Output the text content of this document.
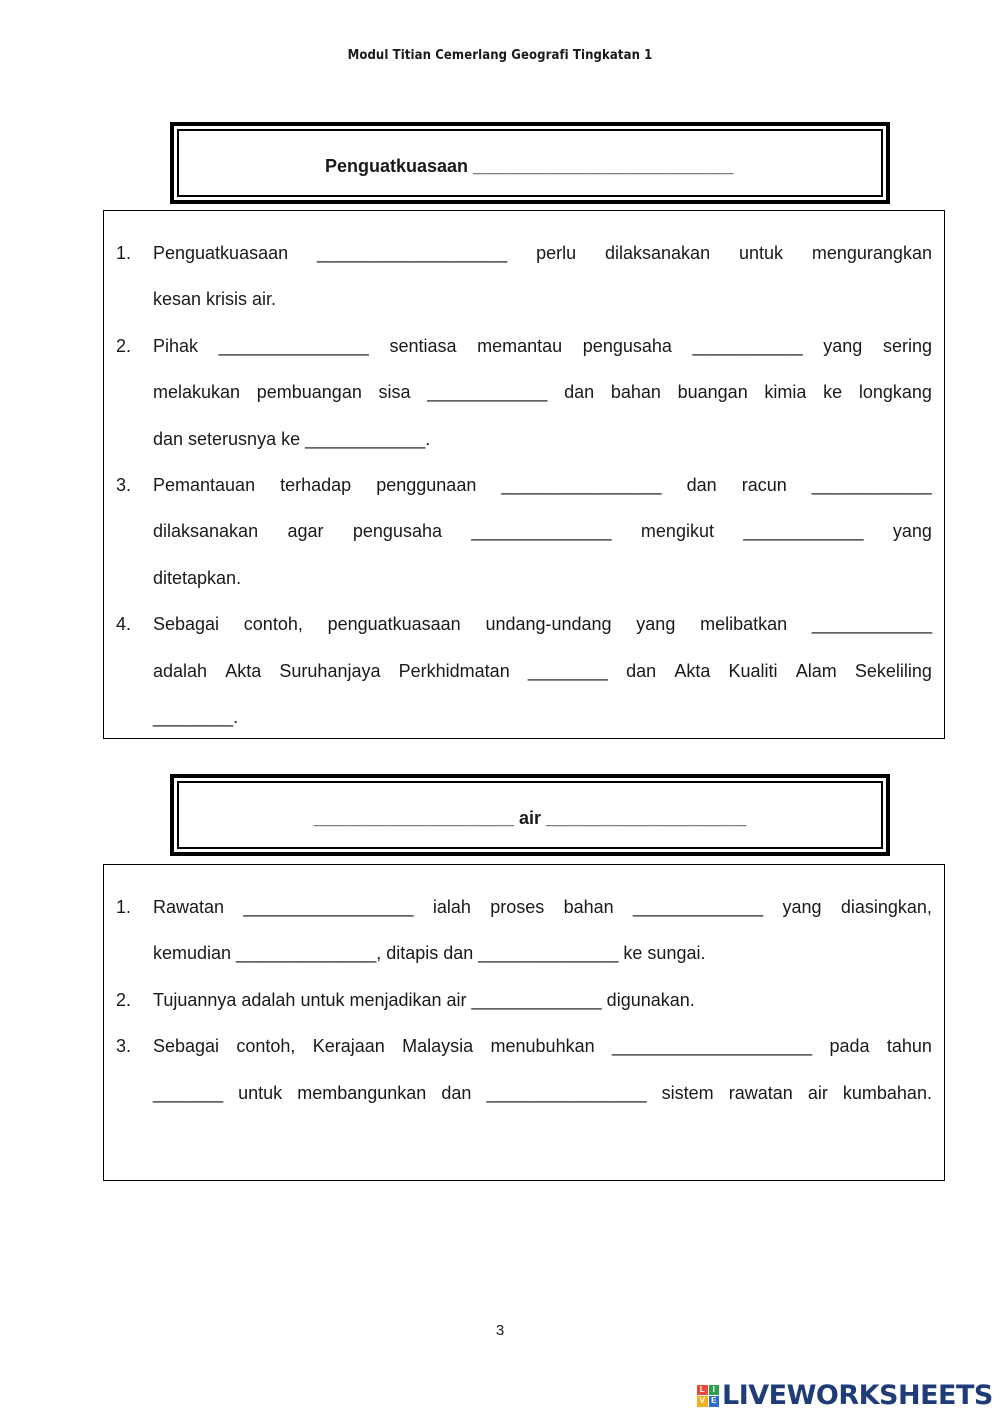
Modul Titian Cemerlang Geografi Tingkatan 1
Penguatkuasaan __________________________
1. Penguatkuasaan ___________________ perlu dilaksanakan untuk mengurangkan
kesan krisis air.
2. Pihak _______________ sentiasa memantau pengusaha ___________ yang sering
melakukan pembuangan sisa ____________ dan bahan buangan kimia ke longkang
dan seterusnya ke ____________.
3. Pemantauan terhadap penggunaan ________________ dan racun ____________
dilaksanakan agar pengusaha ______________ mengikut ____________ yang
ditetapkan.
4. Sebagai contoh, penguatkuasaan undang-undang yang melibatkan ____________
adalah Akta Suruhanjaya Perkhidmatan ________ dan Akta Kualiti Alam Sekeliling
________.
____________________ air ____________________
1. Rawatan _________________ ialah proses bahan _____________ yang diasingkan,
kemudian ______________, ditapis dan ______________ ke sungai.
2. Tujuannya adalah untuk menjadikan air _____________ digunakan.
3. Sebagai contoh, Kerajaan Malaysia menubuhkan ____________________ pada tahun
_______ untuk membangunkan dan ________________ sistem rawatan air kumbahan.
3
L I
V E LIVEWORKSHEETS
